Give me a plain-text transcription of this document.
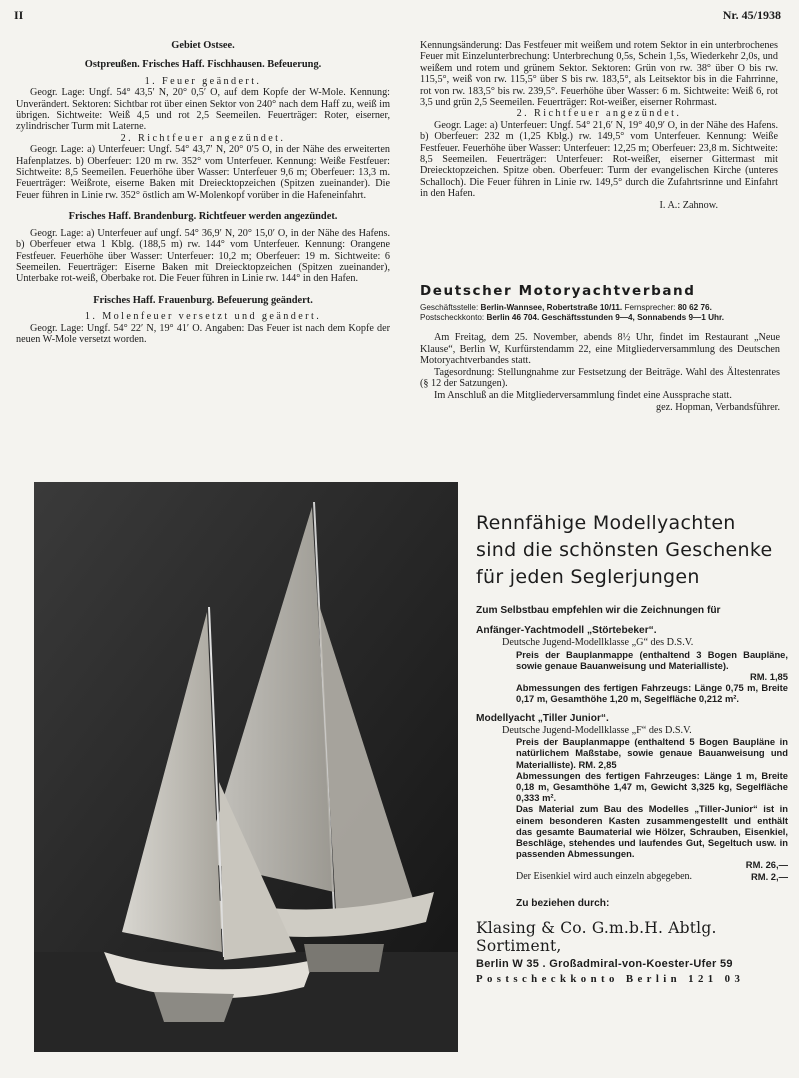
II	Nr. 45/1938
Gebiet Ostsee.
Ostpreußen. Frisches Haff. Fischhausen. Befeuerung.

1. Feuer geändert.

Geogr. Lage: Ungf. 54° 43,5′ N, 20° 0,5′ O, auf dem Kopfe der W-Mole. Kennung: Unverändert. Sektoren: Sichtbar rot über einen Sektor von 240° nach dem Haff zu, weiß im übrigen. Sichtweite: Weiß 4,5 und rot 2,5 Seemeilen. Feuerträger: Roter, eiserner, zylindrischer Turm mit Laterne.

2. Richtfeuer angezündet.

Geogr. Lage: a) Unterfeuer: Ungf. 54° 43,7′ N, 20° 0′5 O, in der Nähe des erweiterten Hafenplatzes. b) Oberfeuer: 120 m rw. 352° vom Unterfeuer. Kennung: Weiße Festfeuer: Sichtweite: 8,5 Seemeilen. Feuerhöhe über Wasser: Unterfeuer 9,6 m; Oberfeuer: 13,3 m. Feuerträger: Weißrote, eiserne Baken mit Dreiecktopzeichen (Spitzen zueinander). Die Feuer führen in Linie rw. 352° östlich am W-Molenkopf vorüber in die Hafeneinfahrt.

Frisches Haff. Brandenburg. Richtfeuer werden angezündet.

Geogr. Lage: a) Unterfeuer auf ungf. 54° 36,9′ N, 20° 15,0′ O, in der Nähe des Hafens. b) Oberfeuer etwa 1 Kblg. (188,5 m) rw. 144° vom Unterfeuer. Kennung: Orangene Festfeuer. Feuerhöhe über Wasser: Unterfeuer: 10,2 m; Oberfeuer: 19 m. Sichtweite: 6 Seemeilen. Feuerträger: Eiserne Baken mit Dreiecktopzeichen (Spitzen zueinander), Unterbake rot-weiß, Oberbake rot. Die Feuer führen in Linie rw. 144° in den Hafen.

Frisches Haff. Frauenburg. Befeuerung geändert.

1. Molenfeuer versetzt und geändert.

Geogr. Lage: Ungf. 54° 22′ N, 19° 41′ O. Angaben: Das Feuer ist nach dem Kopfe der neuen W-Mole versetzt worden.

Kennungsänderung: Das Festfeuer mit weißem und rotem Sektor in ein unterbrochenes Feuer mit Einzelunterbrechung: Unterbrechung 0,5s, Schein 1,5s, Wiederkehr 2,0s, und weißem und rotem und grünem Sektor. Sektoren: Grün von rw. 38° über O bis rw. 115,5°, weiß von rw. 115,5° über S bis rw. 183,5°, als Leitsektor bis in die Fahrrinne, rot von rw. 183,5° bis rw. 239,5°. Feuerhöhe über Wasser: 6 m. Sichtweite: Weiß 6, rot 3,5 und grün 2,5 Seemeilen. Feuerträger: Rot-weißer, eiserner Rohrmast.

2. Richtfeuer angezündet.

Geogr. Lage: a) Unterfeuer: Ungf. 54° 21,6′ N, 19° 40,9′ O, in der Nähe des Hafens. b) Oberfeuer: 232 m (1,25 Kblg.) rw. 149,5° vom Unterfeuer. Kennung: Weiße Festfeuer. Feuerhöhe über Wasser: Unterfeuer: 12,25 m; Oberfeuer: 23,8 m. Sichtweite: 8,5 Seemeilen. Feuerträger: Unterfeuer: Rot-weißer, eiserner Gittermast mit Dreiecktopzeichen. Spitze oben. Oberfeuer: Turm der evangelischen Kirche (unteres Schalloch). Die Feuer führen in Linie rw. 149,5° durch die Zufahrtsrinne und Einfahrt in den Hafen.

I. A.: Zahnow.

Deutscher Motoryachtverband
Geschäftsstelle: Berlin-Wannsee, Robertstraße 10/11. Fernsprecher: 80 62 76.
Postscheckkonto: Berlin 46 704. Geschäftsstunden 9—4, Sonnabends 9—1 Uhr.

Am Freitag, dem 25. November, abends 8½ Uhr, findet im Restaurant „Neue Klause“, Berlin W, Kurfürstendamm 22, eine Mitgliederversammlung des Deutschen Motoryachtverbandes statt.

Tagesordnung: Stellungnahme zur Festsetzung der Beiträge. Wahl des Ältestenrates (§ 12 der Satzungen).

Im Anschluß an die Mitgliederversammlung findet eine Aussprache statt.
gez. Hopman, Verbandsführer.

Rennfähige Modellyachten
sind die schönsten Geschenke
für jeden Seglerjungen
Zum Selbstbau empfehlen wir die Zeichnungen für
Anfänger-Yachtmodell „Störtebeker“.
Deutsche Jugend-Modellklasse „G“ des D.S.V.
Preis der Bauplanmappe (enthaltend 3 Bogen Baupläne, sowie genaue Bauanweisung und Materialliste).
RM. 1,85
Abmessungen des fertigen Fahrzeugs: Länge 0,75 m, Breite 0,17 m, Gesamthöhe 1,20 m, Segelfläche 0,212 m².
Modellyacht „Tiller Junior“.
Deutsche Jugend-Modellklasse „F“ des D.S.V.
Preis der Bauplanmappe (enthaltend 5 Bogen Baupläne in natürlichem Maßstabe, sowie genaue Bauanweisung und Materialliste). RM. 2,85
Abmessungen des fertigen Fahrzeuges: Länge 1 m, Breite 0,18 m, Gesamthöhe 1,47 m, Gewicht 3,325 kg, Segelfläche 0,333 m².
Das Material zum Bau des Modelles „Tiller-Junior“ ist in einem besonderen Kasten zusammengestellt und enthält das gesamte Baumaterial wie Hölzer, Schrauben, Eisenkiel, Beschläge, stehendes und laufendes Gut, Segeltuch usw. in passenden Abmessungen.
RM. 26,—
RM. 2,—
Der Eisenkiel wird auch einzeln abgegeben.
Zu beziehen durch:
Klasing & Co. G.m.b.H. Abtlg. Sortiment,
Berlin W 35 . Großadmiral-von-Koester-Ufer 59
Postscheckkonto Berlin 121 03
